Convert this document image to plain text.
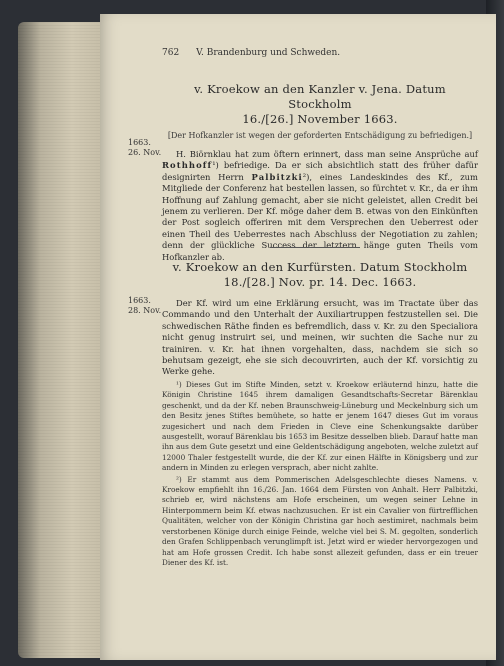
762 V. Brandenburg und Schweden.
v. Kroekow an den Kanzler v. Jena. Datum Stockholm
16./[26.] November 1663.
[Der Hofkanzler ist wegen der geforderten Entschädigung zu befriedigen.]
1663.
26. Nov.	H. Biörnklau hat zum öftern erinnert, dass man seine Ansprüche auf Rothhoff¹) befriedige. Da er sich absichtlich statt des früher dafür designirten Herrn Palbitzki²), eines Landeskindes des Kf., zum Mitgliede der Conferenz hat bestellen lassen, so fürchtet v. Kr., da er ihm Hoffnung auf Zahlung gemacht, aber sie nicht geleistet, allen Credit bei jenem zu verlieren. Der Kf. möge daher dem B. etwas von den Einkünften der Post sogleich offeriren mit dem Versprechen den Ueberrest oder einen Theil des Ueberrestes nach Abschluss der Negotiation zu zahlen; denn der glückliche Success der letztern hänge guten Theils vom Hofkanzler ab.

v. Kroekow an den Kurfürsten. Datum Stockholm
18./[28.] Nov. pr. 14. Dec. 1663.
1663.
28. Nov.

Der Kf. wird um eine Erklärung ersucht, was im Tractate über das Commando und den Unterhalt der Auxiliartruppen festzustellen sei. Die schwedischen Räthe finden es befremdlich, dass v. Kr. zu den Specialiora nicht genug instruirt sei, und meinen, wir suchten die Sache nur zu trainiren. v. Kr. hat ihnen vorgehalten, dass, nachdem sie sich so behutsam gezeigt, ehe sie sich decouvrirten, auch der Kf. vorsichtig zu Werke gehe.

¹) Dieses Gut im Stifte Minden, setzt v. Kroekow erläuternd hinzu, hatte die Königin Christine 1645 ihrem damaligen Gesandtschafts-Secretar Bärenklau geschenkt, und da der Kf. neben Braunschweig-Lüneburg und Meckelnburg sich um den Besitz jenes Stiftes bemühete, so hatte er jenem 1647 dieses Gut im voraus zugesichert und nach dem Frieden in Cleve eine Schenkungsakte darüber ausgestellt, worauf Bärenklau bis 1653 im Besitze desselben blieb. Darauf hatte man ihn aus dem Gute gesetzt und eine Geldentschädigung angeboten, welche zuletzt auf 12000 Thaler festgestellt wurde, die der Kf. zur einen Hälfte in Königsberg und zur andern in Minden zu erlegen versprach, aber nicht zahlte.

²) Er stammt aus dem Pommerischen Adelsgeschlechte dieses Namens. v. Kroekow empfiehlt ihn 16./26. Jan. 1664 dem Fürsten von Anhalt. Herr Palbitzki, schrieb er, wird nächstens am Hofe erscheinen, um wegen seiner Lehne in Hinterpommern beim Kf. etwas nachzusuchen. Er ist ein Cavalier von fürtrefflichen Qualitäten, welcher von der Königin Christina gar hoch aestimiret, nachmals beim verstorbenen Könige durch einige Feinde, welche viel bei S. M. gegolten, sonderlich den Grafen Schlippenbach verunglimpft ist. Jetzt wird er wieder hervorgezogen und hat am Hofe grossen Credit. Ich habe sonst allezeit gefunden, dass er ein treuer Diener des Kf. ist.
